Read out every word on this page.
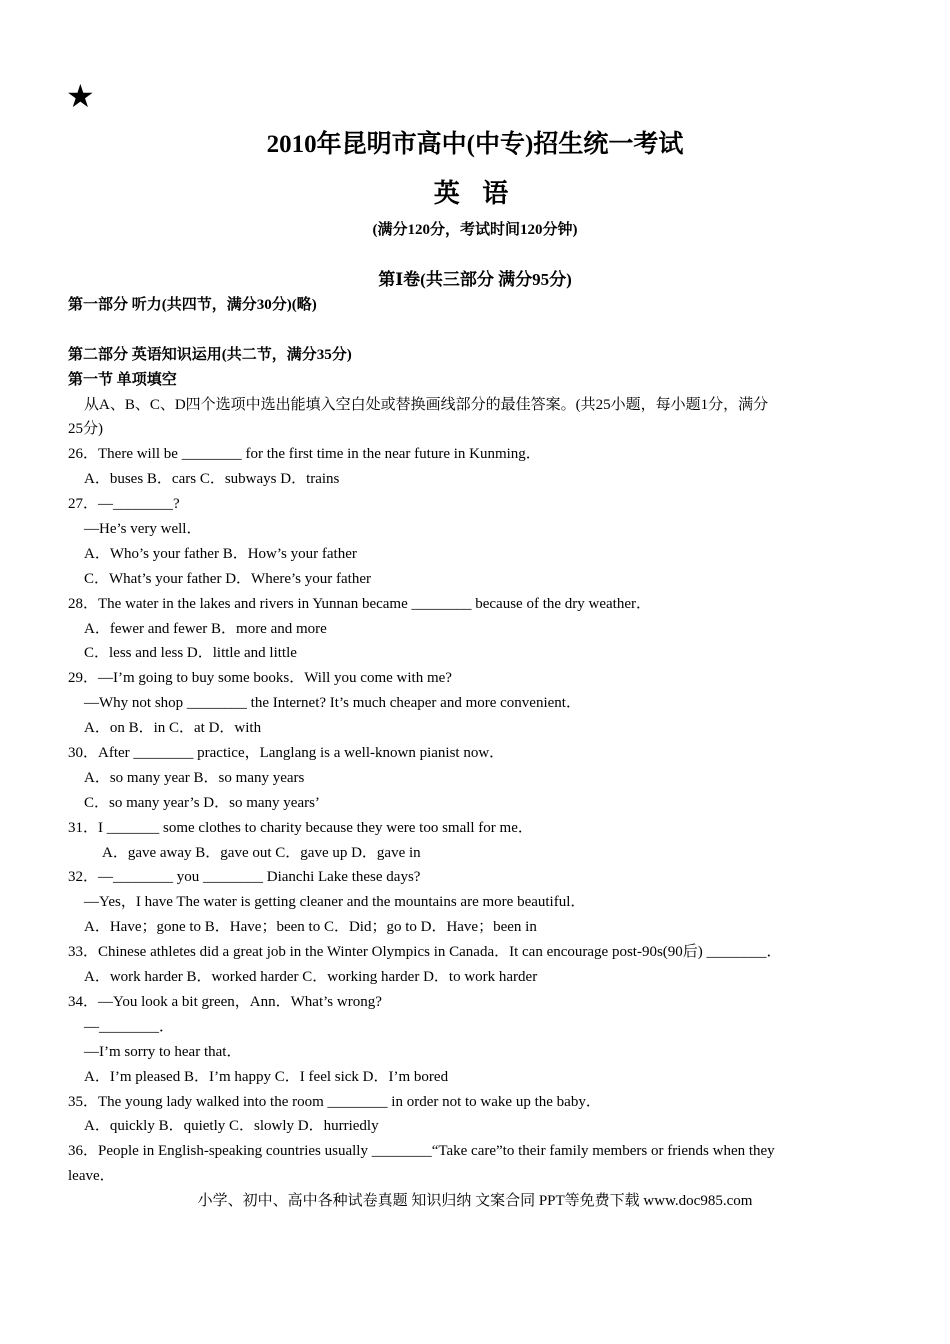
★
2010年昆明市高中(中专)招生统一考试
英 语
(满分120分，考试时间120分钟)
第Ⅰ卷(共三部分 满分95分)
第一部分 听力(共四节，满分30分)(略)
第二部分 英语知识运用(共二节，满分35分)
第一节 单项填空
从A、B、C、D四个选项中选出能填入空白处或替换画线部分的最佳答案。(共25小题，每小题1分，满分
25分)
26．There will be ________ for the first time in the near future in Kunming．
A．buses B．cars C．subways D．trains
27．—________?
—He’s very well．
A．Who’s your father B．How’s your father
C．What’s your father D．Where’s your father
28．The water in the lakes and rivers in Yunnan became ________ because of the dry weather．
A．fewer and fewer B．more and more
C．less and less D．little and little
29．—I’m going to buy some books．Will you come with me?
—Why not shop ________ the Internet? It’s much cheaper and more convenient．
A．on B．in C．at D．with
30．After ________ practice，Langlang is a well-known pianist now．
A．so many year B．so many years
C．so many year’s D．so many years’
31．I _______ some clothes to charity because they were too small for me．
A．gave away B．gave out C．gave up D．gave in
32．—________ you ________ Dianchi Lake these days?
—Yes，I have The water is getting cleaner and the mountains are more beautiful．
A．Have；gone to B．Have；been to C．Did；go to D．Have；been in
33．Chinese athletes did a great job in the Winter Olympics in Canada．It can encourage post-90s(90后) ________．
A．work harder B．worked harder C．working harder D．to work harder
34．—You look a bit green，Ann．What’s wrong?
—________．
—I’m sorry to hear that．
A．I’m pleased B．I’m happy C．I feel sick D．I’m bored
35．The young lady walked into the room ________ in order not to wake up the baby．
A．quickly B．quietly C．slowly D．hurriedly
36．People in English-speaking countries usually ________“Take care”to their family members or friends when they
leave．
小学、初中、高中各种试卷真题 知识归纳 文案合同 PPT等免费下载 www.doc985.com
